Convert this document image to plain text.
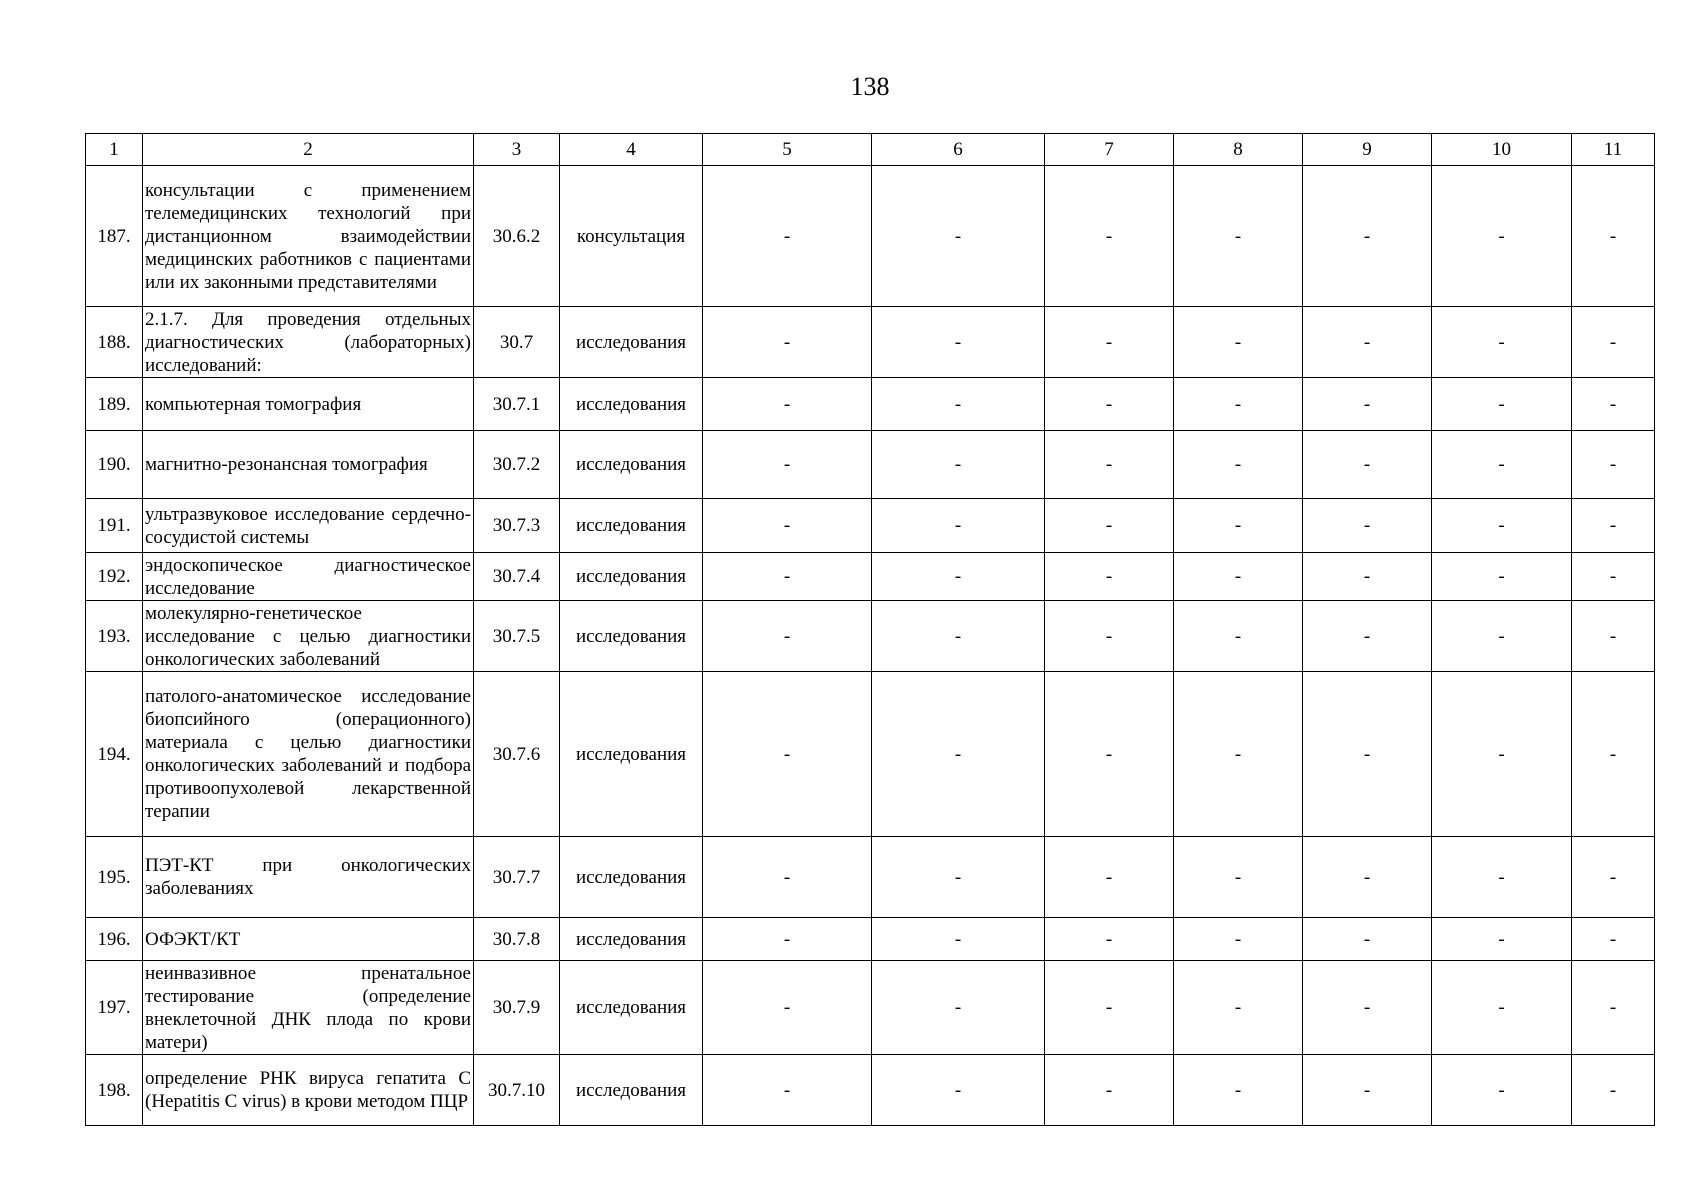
138
1	2	3	4	5	6	7	8	9	10	11
187.	консультации с применением телемедицинских технологий при дистанционном взаимодействии медицинских работников с пациентами или их законными представителями	30.6.2	консультация	-	-	-	-	-	-	-
188.	2.1.7. Для проведения отдельных диагностических (лабораторных) исследований:	30.7	исследования	-	-	-	-	-	-	-
189.	компьютерная томография	30.7.1	исследования	-	-	-	-	-	-	-
190.	магнитно-резонансная томография	30.7.2	исследования	-	-	-	-	-	-	-
191.	ультразвуковое исследование сердечно-сосудистой системы	30.7.3	исследования	-	-	-	-	-	-	-
192.	эндоскопическое диагностическое исследование	30.7.4	исследования	-	-	-	-	-	-	-
193.	молекулярно-генетическое исследование с целью диагностики онкологических заболеваний	30.7.5	исследования	-	-	-	-	-	-	-
194.	патолого-анатомическое исследование биопсийного (операционного) материала с целью диагностики онкологических заболеваний и подбора противоопухолевой лекарственной терапии	30.7.6	исследования	-	-	-	-	-	-	-
195.	ПЭТ-КТ при онкологических заболеваниях	30.7.7	исследования	-	-	-	-	-	-	-
196.	ОФЭКТ/КТ	30.7.8	исследования	-	-	-	-	-	-	-
197.	неинвазивное пренатальное тестирование (определение внеклеточной ДНК плода по крови матери)	30.7.9	исследования	-	-	-	-	-	-	-
198.	определение РНК вируса гепатита C (Hepatitis C virus) в крови методом ПЦР	30.7.10	исследования	-	-	-	-	-	-	-
